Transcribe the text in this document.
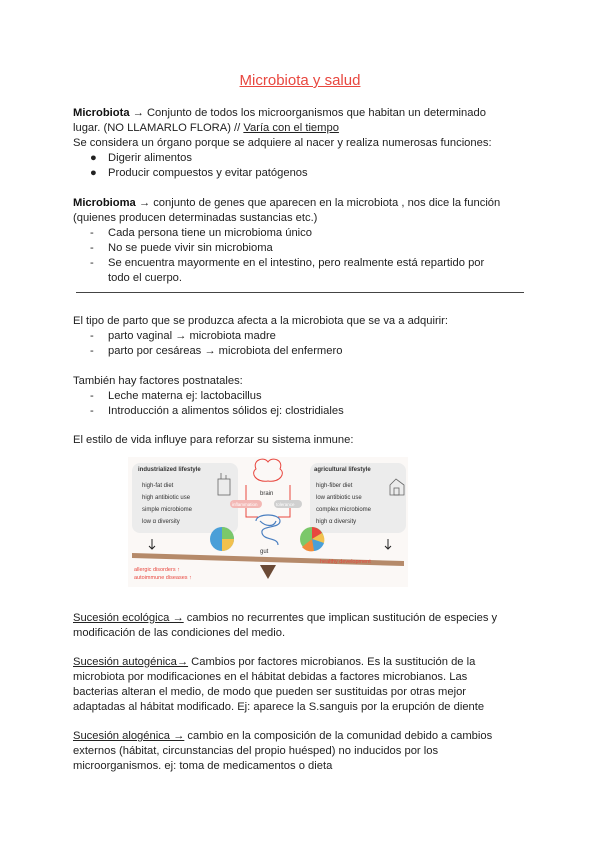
Microbiota y salud
Microbiota → Conjunto de todos los microorganismos que habitan un determinado
lugar. (NO LLAMARLO FLORA) // Varía con el tiempo
Se considera un órgano porque se adquiere al nacer y realiza numerosas funciones:
● Digerir alimentos
● Producir compuestos y evitar patógenos
Microbioma → conjunto de genes que aparecen en la microbiota , nos dice la función
(quienes producen determinadas sustancias etc.)
- Cada persona tiene un microbioma único
- No se puede vivir sin microbioma
- Se encuentra mayormente en el intestino, pero realmente está repartido por
todo el cuerpo.
El tipo de parto que se produzca afecta a la microbiota que se va a adquirir:
- parto vaginal → microbiota madre
- parto por cesáreas → microbiota del enfermero
También hay factores postnatales:
- Leche materna ej: lactobacillus
- Introducción a alimentos sólidos ej: clostridiales
El estilo de vida influye para reforzar su sistema inmune:
industrialized lifestyle
high-fat diet
high antibiotic use
simple microbiome
low α diversity
agricultural lifestyle
high-fiber diet
low antibiotic use
complex microbiome
high α diversity
brain
inflammation	tolerance
gut
healthy development
allergic disorders ↑
autoimmune diseases ↑
Sucesión ecológica → cambios no recurrentes que implican sustitución de especies y
modificación de las condiciones del medio.
Sucesión autogénica→ Cambios por factores microbianos. Es la sustitución de la
microbiota por modificaciones en el hábitat debidas a factores microbianos. Las
bacterias alteran el medio, de modo que pueden ser sustituidas por otras mejor
adaptadas al hábitat modificado. Ej: aparece la S.sanguis por la erupción de diente
Sucesión alogénica → cambio en la composición de la comunidad debido a cambios
externos (hábitat, circunstancias del propio huésped) no inducidos por los
microorganismos. ej: toma de medicamentos o dieta
